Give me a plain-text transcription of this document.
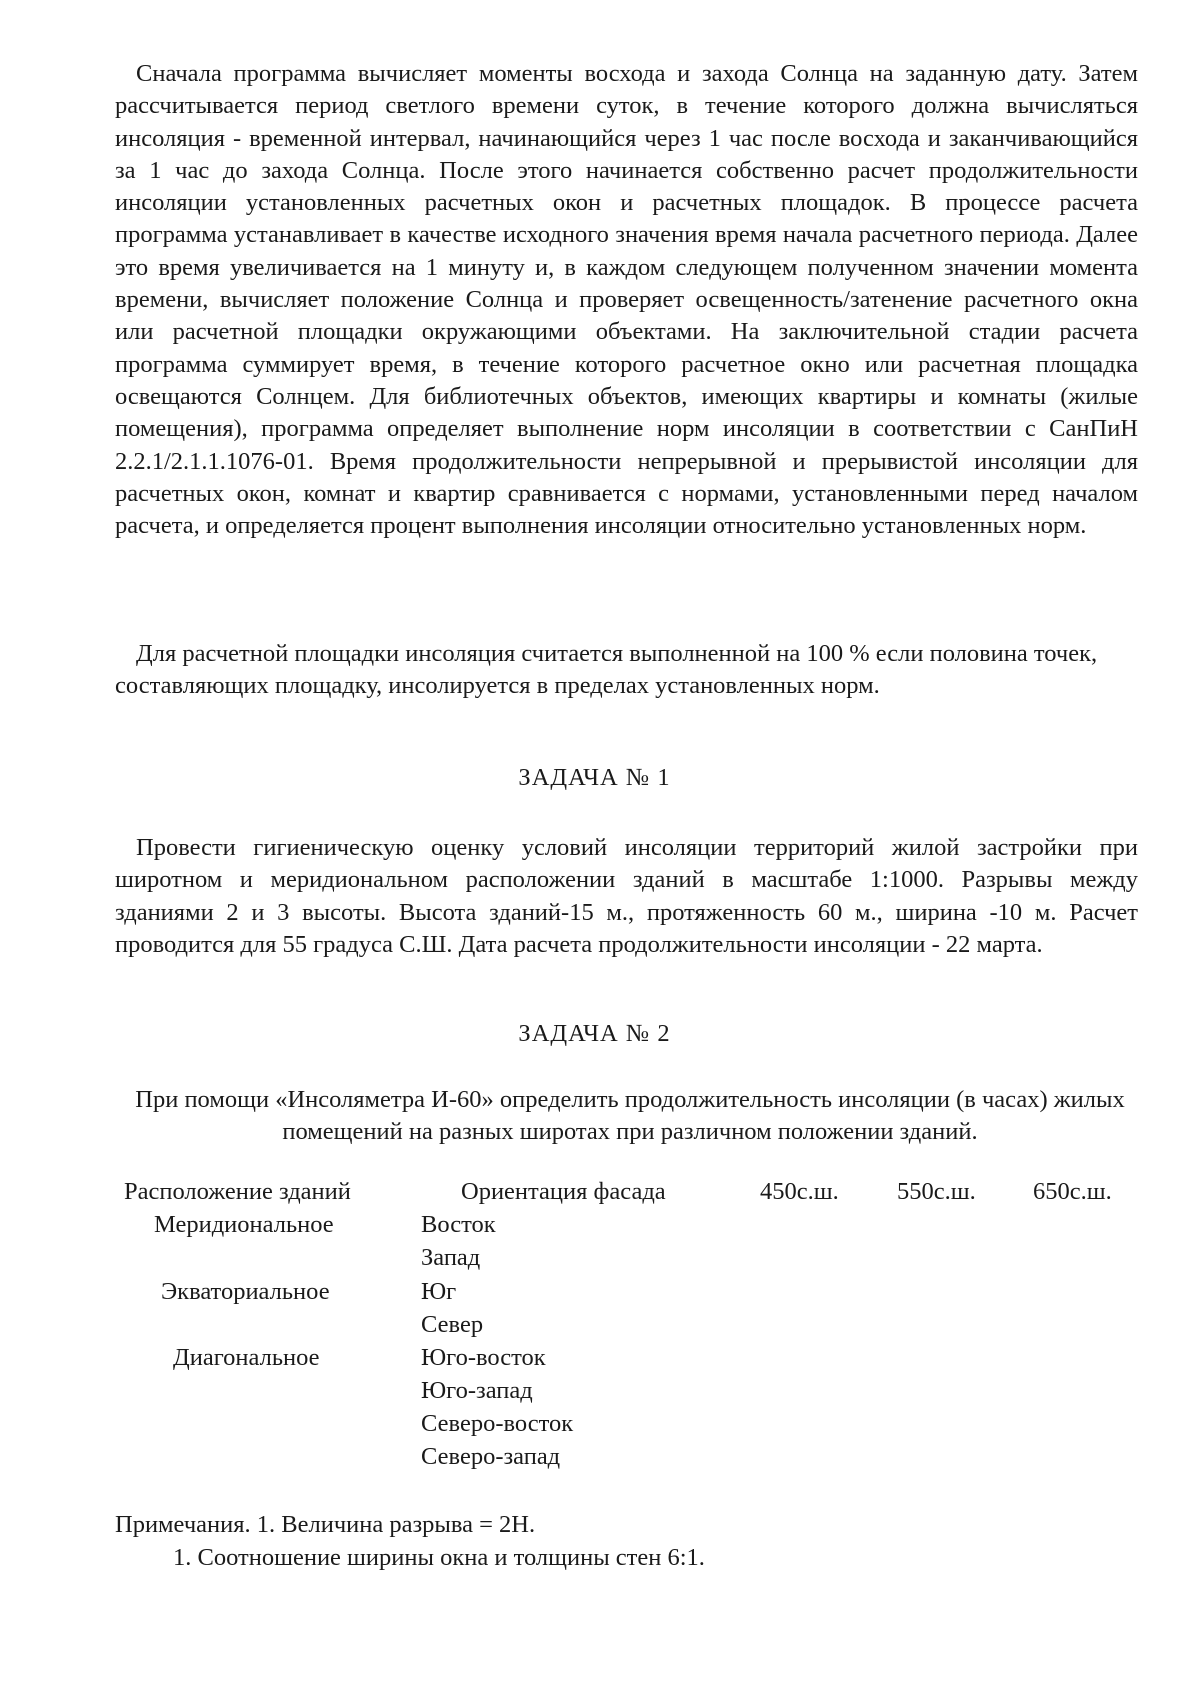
Сначала программа вычисляет моменты восхода и захода Солнца на заданную дату. Затем рассчитывается период светлого времени суток, в течение которого должна вычисляться инсоляция - временной интервал, начинающийся через 1 час после восхода и заканчивающийся за 1 час до захода Солнца. После этого начинается собственно расчет продолжительности инсоляции установленных расчетных окон и расчетных площадок. В процессе расчета программа устанавливает в качестве исходного значения время начала расчетного периода. Далее это время увеличивается на 1 минуту и, в каждом следующем полученном значении момента времени, вычисляет положение Солнца и проверяет освещенность/затенение расчетного окна или расчетной площадки окружающими объектами. На заключительной стадии расчета программа суммирует время, в течение которого расчетное окно или расчетная площадка освещаются Солнцем. Для библиотечных объектов, имеющих квартиры и комнаты (жилые помещения), программа определяет выполнение норм инсоляции в соответствии с СанПиН 2.2.1/2.1.1.1076-01. Время продолжительности непрерывной и прерывистой инсоляции для расчетных окон, комнат и квартир сравнивается с нормами, установленными перед началом расчета, и определяется процент выполнения инсоляции относительно установленных норм.

Для расчетной площадки инсоляция считается выполненной на 100 % если половина точек, составляющих площадку, инсолируется в пределах установленных норм.

ЗАДАЧА № 1

Провести гигиеническую оценку условий инсоляции территорий жилой застройки при широтном и меридиональном расположении зданий в масштабе 1:1000. Разрывы между зданиями 2 и 3 высоты. Высота зданий-15 м., протяженность 60 м., ширина -10 м. Расчет проводится для 55 градуса С.Ш. Дата расчета продолжительности инсоляции - 22 марта.

ЗАДАЧА № 2

При помощи «Инсоляметра И-60» определить продолжительность инсоляции (в часах) жилых помещений на разных широтах при различном положении зданий.

Расположение зданий	Ориентация фасада	450с.ш. 550с.ш. 650с.ш.
Меридиональное
Экваториальное
Диагональное
Восток
Запад
Юг
Север
Юго-восток
Юго-запад
Северо-восток
Северо-запад
Примечания. 1. Величина разрыва = 2Н.
1. Соотношение ширины окна и толщины стен 6:1.
